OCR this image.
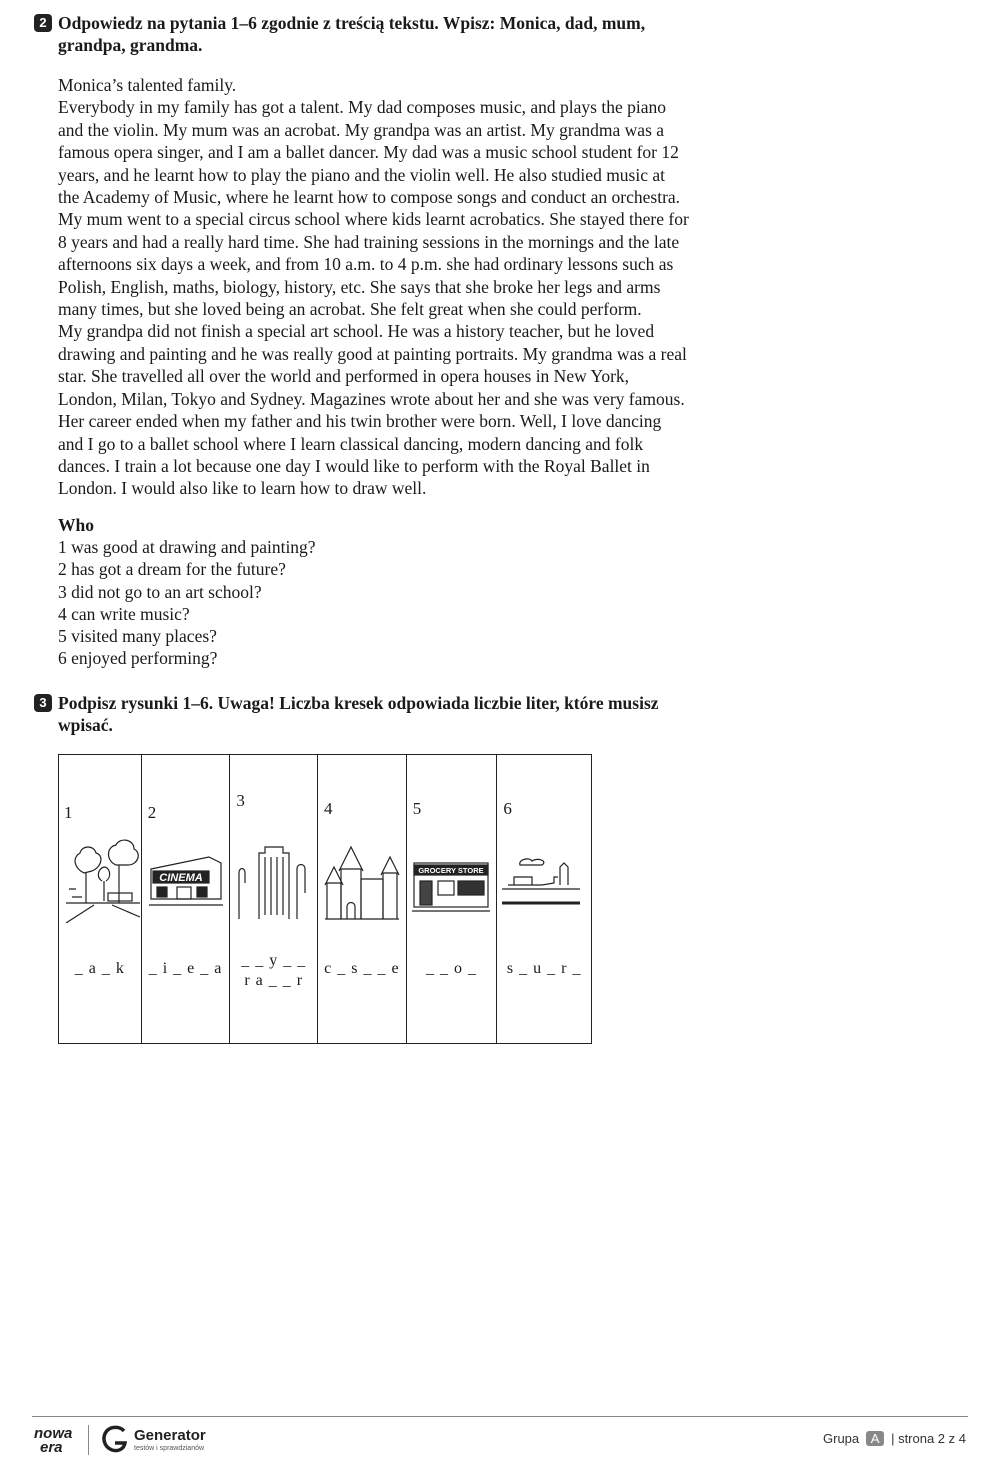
2 Odpowiedz na pytania 1–6 zgodnie z treścią tekstu. Wpisz: Monica, dad, mum,
grandpa, grandma.

Monica’s talented family.

Everybody in my family has got a talent. My dad composes music, and plays the piano

and the violin. My mum was an acrobat. My grandpa was an artist. My grandma was a

famous opera singer, and I am a ballet dancer. My dad was a music school student for 12

years, and he learnt how to play the piano and the violin well. He also studied music at

the Academy of Music, where he learnt how to compose songs and conduct an orchestra.

My mum went to a special circus school where kids learnt acrobatics. She stayed there for

8 years and had a really hard time. She had training sessions in the mornings and the late

afternoons six days a week, and from 10 a.m. to 4 p.m. she had ordinary lessons such as

Polish, English, maths, biology, history, etc. She says that she broke her legs and arms

many times, but she loved being an acrobat. She felt great when she could perform.

My grandpa did not finish a special art school. He was a history teacher, but he loved

drawing and painting and he was really good at painting portraits. My grandma was a real

star. She travelled all over the world and performed in opera houses in New York,

London, Milan, Tokyo and Sydney. Magazines wrote about her and she was very famous.

Her career ended when my father and his twin brother were born. Well, I love dancing

and I go to a ballet school where I learn classical dancing, modern dancing and folk

dances. I train a lot because one day I would like to perform with the Royal Ballet in

London. I would also like to learn how to draw well.

Who
1 was good at drawing and painting?
2 has got a dream for the future?
3 did not go to an art school?
4 can write music?
5 visited many places?
6 enjoyed performing?
3 Podpisz rysunki 1–6. Uwaga! Liczba kresek odpowiada liczbie liter, które musisz
wpisać.
1
_ a _ k
2
CINEMA
_ i _ e _ a
3
_ _ y _ _
r a _ _ r
4
c _ s _ _ e
5
GROCERY STORE
_ _ o _
6
s _ u _ r _
nowa
era
Generator
testów i sprawdzianów
Grupa A | strona 2 z 4
